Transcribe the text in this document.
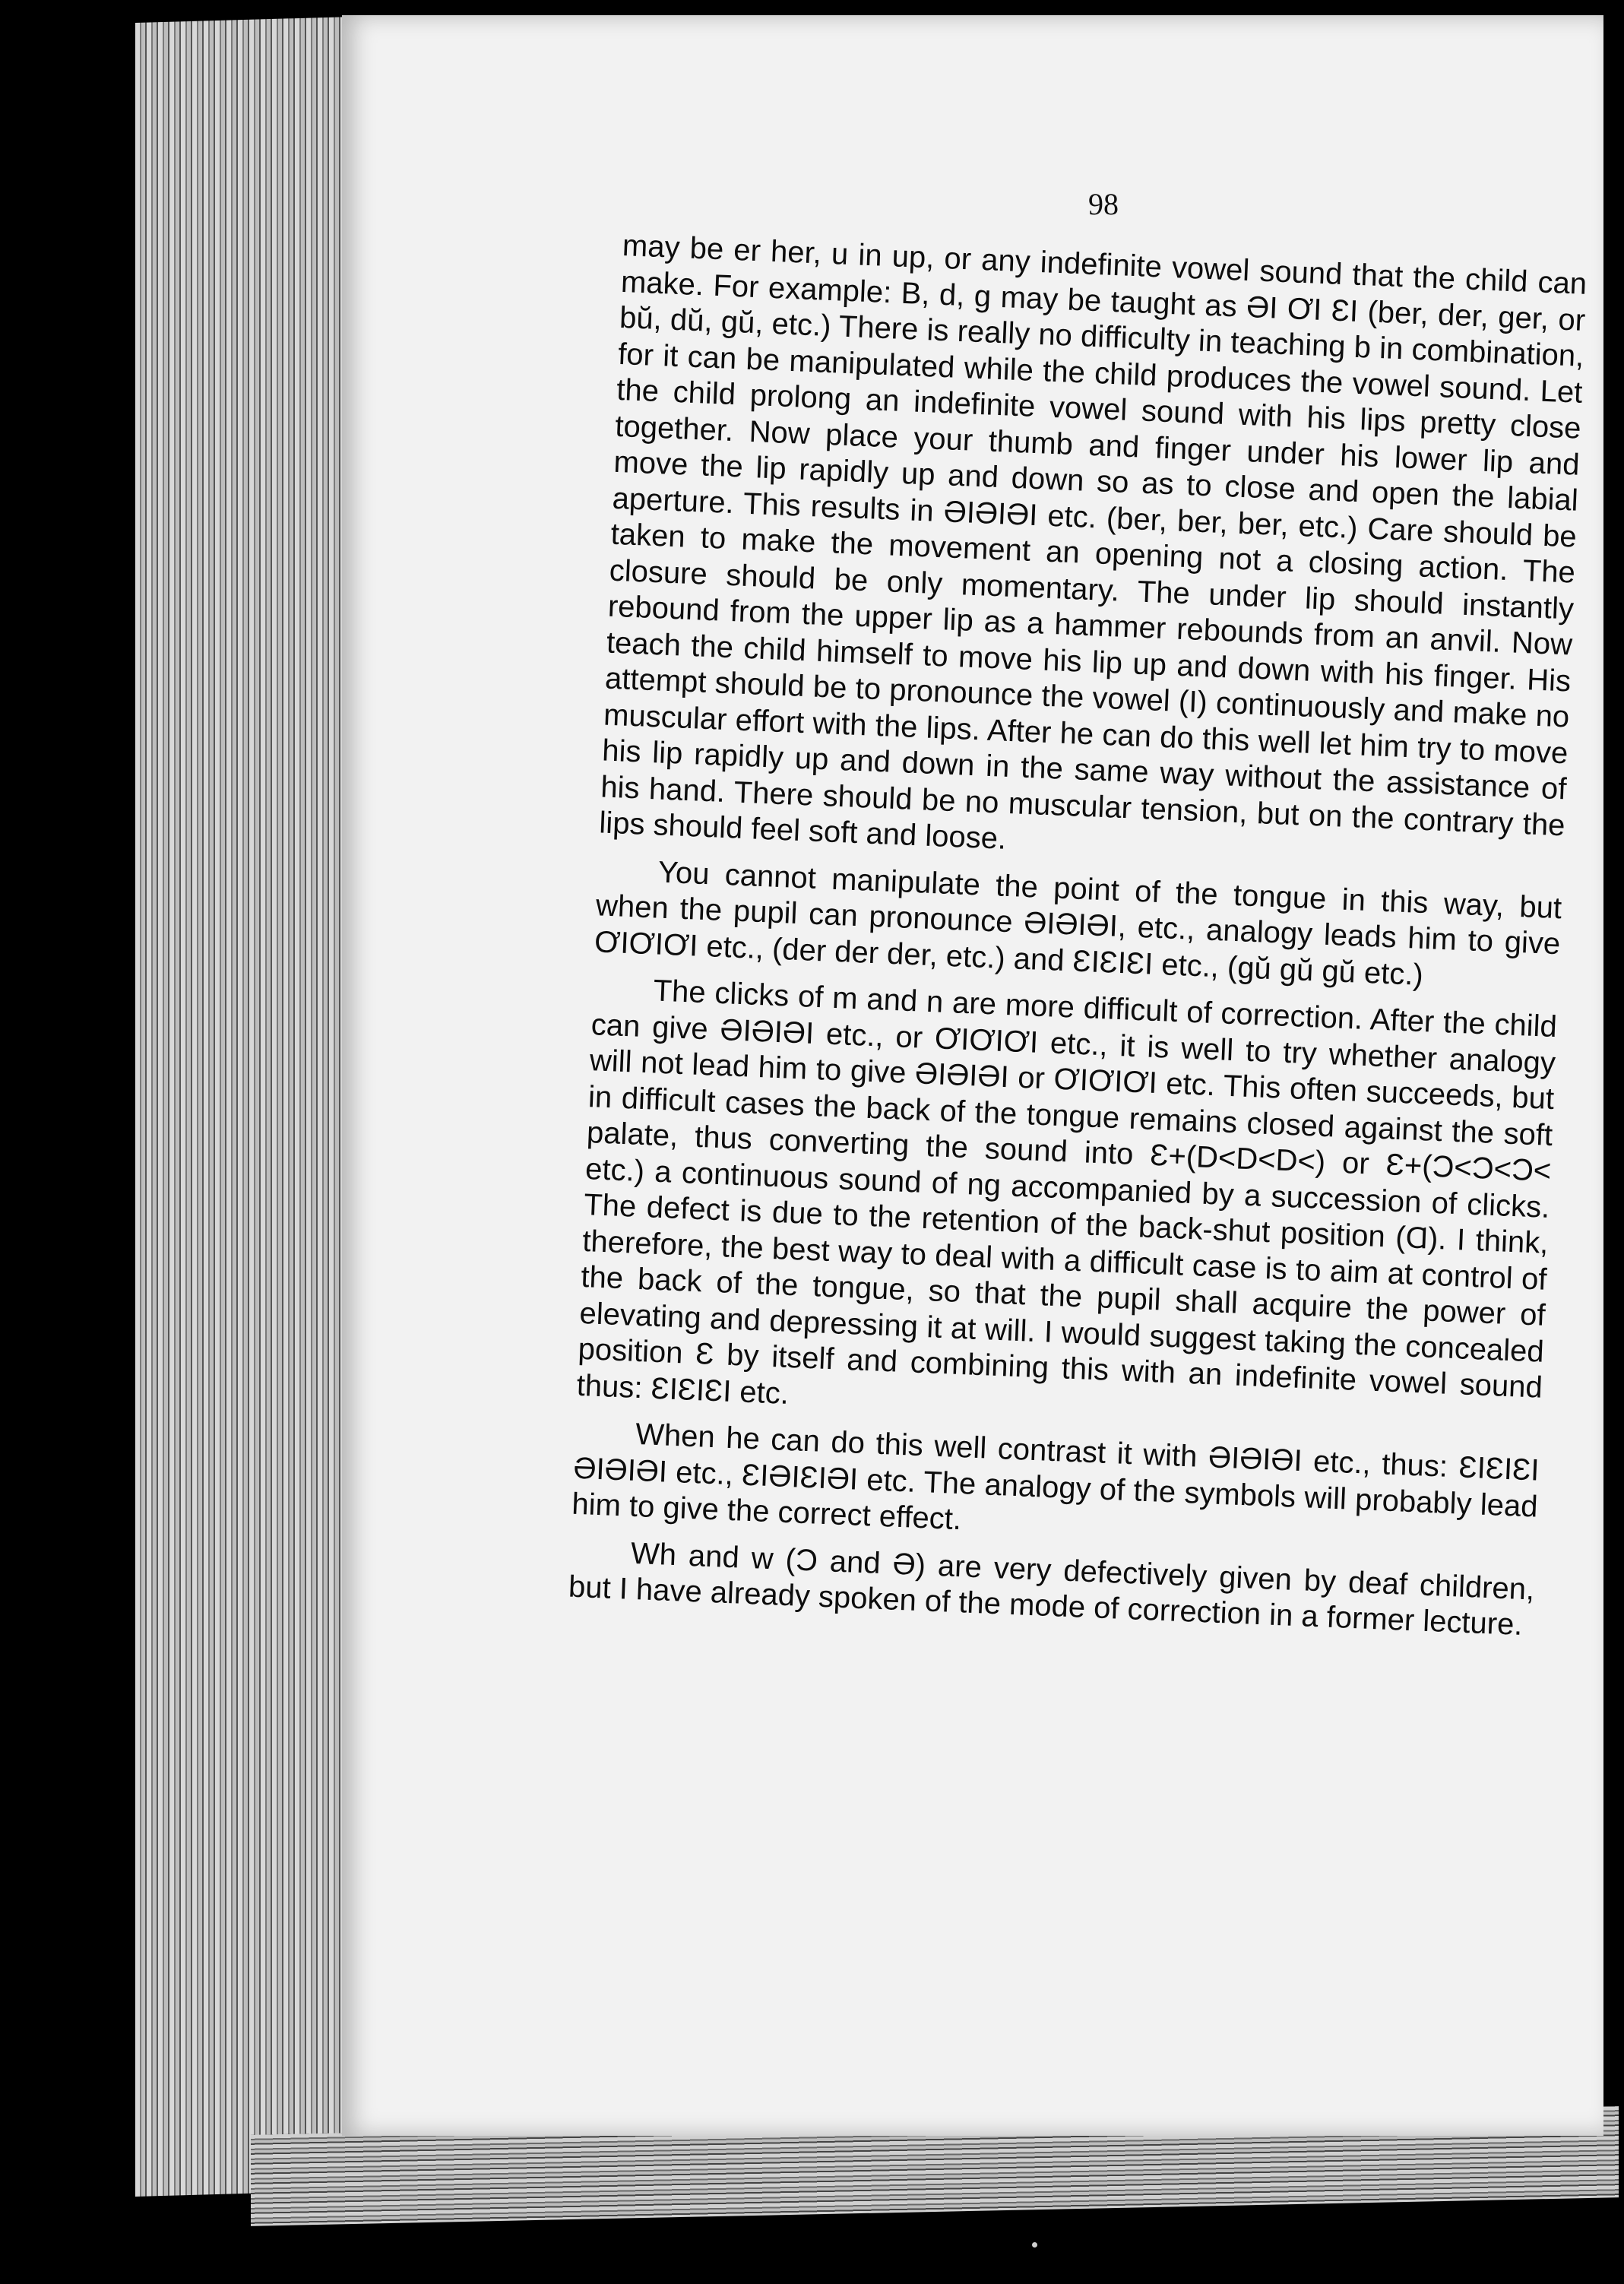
98

may be er her, u in up, or any indefinite vowel sound that the child can make. For example: B, d, g may be taught as ƏI ƠI ƐI (ber, der, ger, or bŭ, dŭ, gŭ, etc.) There is really no difficulty in teaching b in combination, for it can be manipulated while the child produces the vowel sound. Let the child prolong an indefinite vowel sound with his lips pretty close together. Now place your thumb and finger under his lower lip and move the lip rapidly up and down so as to close and open the labial aperture. This results in ƏIƏIƏI etc. (ber, ber, ber, etc.) Care should be taken to make the movement an opening not a closing action. The closure should be only momentary. The under lip should instantly rebound from the upper lip as a hammer rebounds from an anvil. Now teach the child himself to move his lip up and down with his finger. His attempt should be to pronounce the vowel (I) continuously and make no muscular effort with the lips. After he can do this well let him try to move his lip rapidly up and down in the same way without the assistance of his hand. There should be no muscular tension, but on the contrary the lips should feel soft and loose.

You cannot manipulate the point of the tongue in this way, but when the pupil can pronounce ƏIƏIƏI, etc., analogy leads him to give ƠIƠIƠI etc., (der der der, etc.) and ƐIƐIƐI etc., (gŭ gŭ gŭ etc.)

The clicks of m and n are more difficult of correction. After the child can give ƏIƏIƏI etc., or ƠIƠIƠI etc., it is well to try whether analogy will not lead him to give ƏIƏIƏI or ƠIƠIƠI etc. This often succeeds, but in difficult cases the back of the tongue remains closed against the soft palate, thus converting the sound into Ɛ+(D<D<D<) or Ɛ+(Ɔ<Ɔ<Ɔ< etc.) a continuous sound of ng accompanied by a succession of clicks. The defect is due to the retention of the back-shut position (Ɑ). I think, therefore, the best way to deal with a difficult case is to aim at control of the back of the tongue, so that the pupil shall acquire the power of elevating and depressing it at will. I would suggest taking the concealed position Ɛ by itself and combining this with an indefinite vowel sound thus: ƐIƐIƐI etc.

When he can do this well contrast it with ƏIƏIƏI etc., thus: ƐIƐIƐI ƏIƏIƏI etc., ƐIƏIƐIƏI etc. The analogy of the symbols will probably lead him to give the correct effect.

Wh and w (Ɔ and Ə) are very defectively given by deaf children, but I have already spoken of the mode of correction in a former lecture.
